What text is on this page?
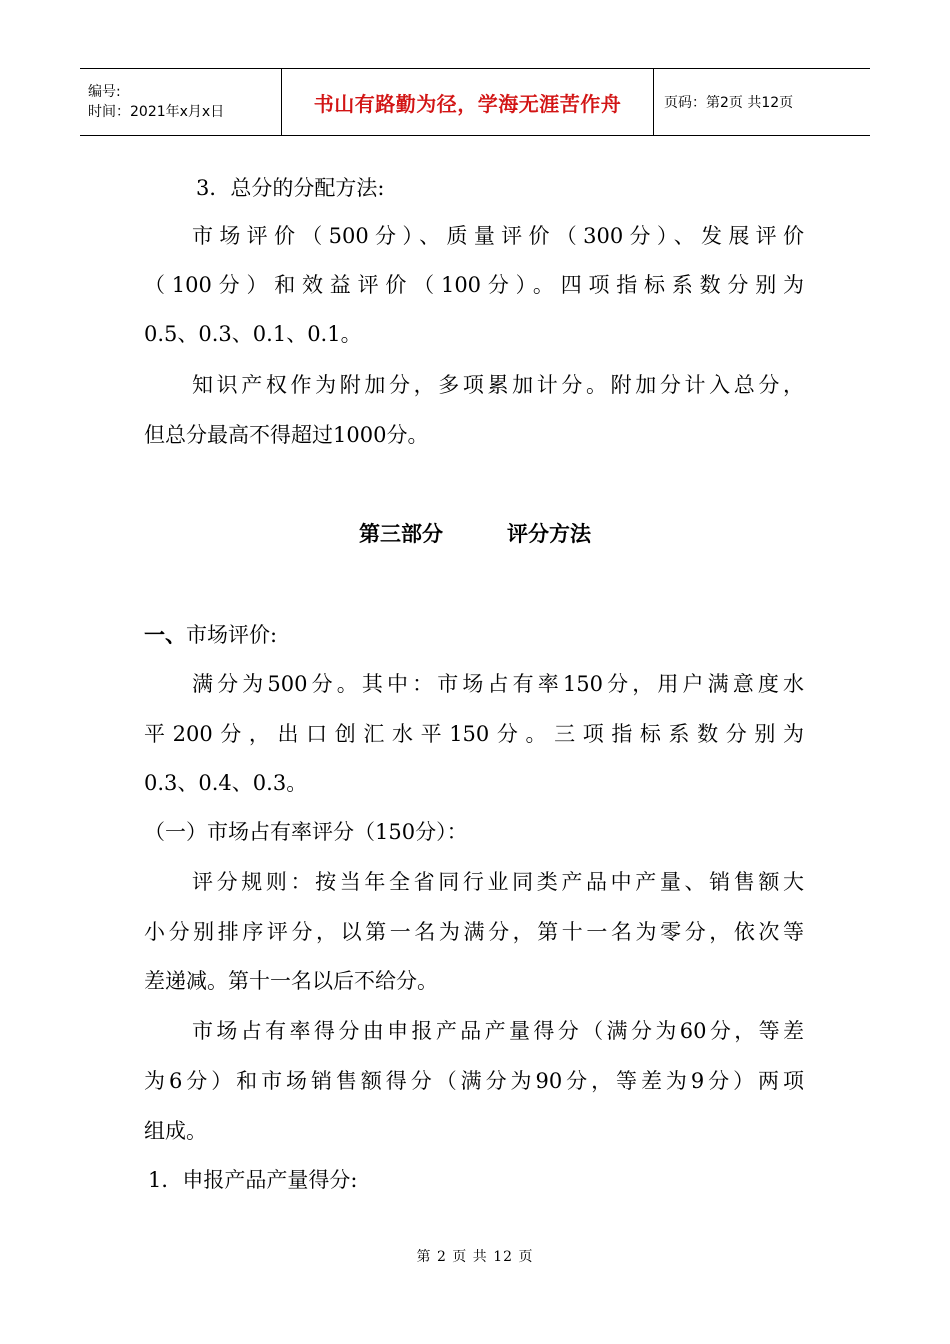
编号:
时间：2021年x月x日	书山有路勤为径，学海无涯苦作舟	页码：第2页 共12页
3．总分的分配方法:
市场评价（500分）、质量评价（300分）、发展评价
（100分）和效益评价（100分）。四项指标系数分别为
0.5、0.3、0.1、0.1。
知识产权作为附加分，多项累加计分。附加分计入总分，
但总分最高不得超过1000分。
第三部分	评分方法
一、市场评价:
满分为500分。其中：市场占有率150分，用户满意度水
平200分，出口创汇水平150分。三项指标系数分别为
0.3、0.4、0.3。
（一）市场占有率评分（150分）：
评分规则：按当年全省同行业同类产品中产量、销售额大
小分别排序评分，以第一名为满分，第十一名为零分，依次等
差递减。第十一名以后不给分。
市场占有率得分由申报产品产量得分（满分为60分，等差
为6分）和市场销售额得分（满分为90分，等差为9分）两项
组成。
1．申报产品产量得分:
第 2 页 共 12 页
